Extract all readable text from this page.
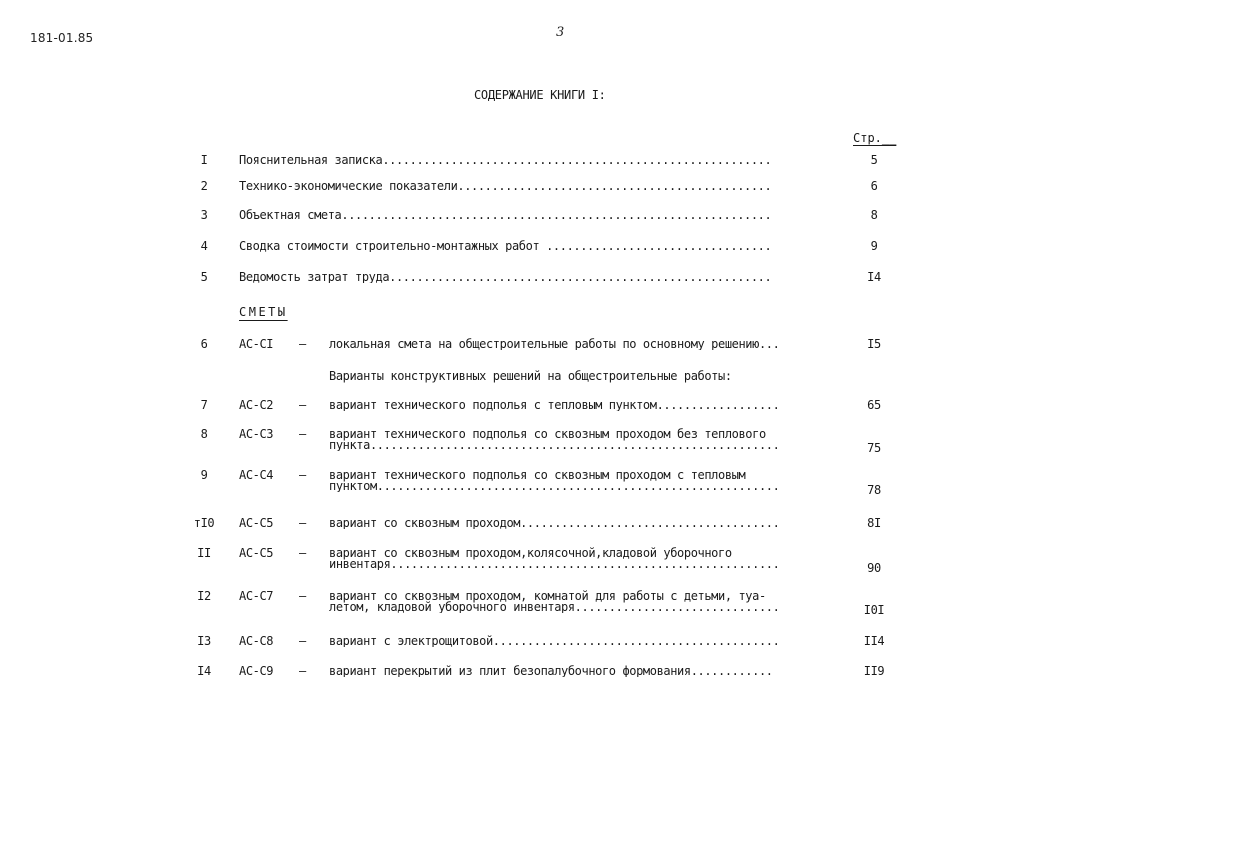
181-01.85	3
СОДЕРЖАНИЕ КНИГИ I:
Стр.__
I	Пояснительная записка.........................................................	5
2	Технико-экономические показатели..............................................	6
3	Объектная смета...............................................................	8
4	Сводка стоимости строительно-монтажных работ .................................	9
5	Ведомость затрат труда........................................................	I4
СМЕТЫ
6	АС-СI – локальная смета на общестроительные работы по основному решению...	I5
Варианты конструктивных решений на общестроительные работы:
7	АС-С2 – вариант технического подполья с тепловым пунктом..................	65
8	АС-С3 – вариант технического подполья со сквозным проходом без теплового
пункта............................................................	75
9	АС-С4 – вариант технического подполья со сквозным проходом с тепловым
пунктом...........................................................	78
тI0	АС-С5 – вариант со сквозным проходом......................................	8I
II	АС-С5 – вариант со сквозным проходом,колясочной,кладовой уборочного
инвентаря.........................................................	90
I2	АС-С7 – вариант со сквозным проходом, комнатой для работы с детьми, туа-
летом, кладовой уборочного инвентаря..............................	I0I
I3	АС-С8 – вариант с электрощитовой..........................................	II4
I4	АС-С9 – вариант перекрытий из плит безопалубочного формования............	II9
